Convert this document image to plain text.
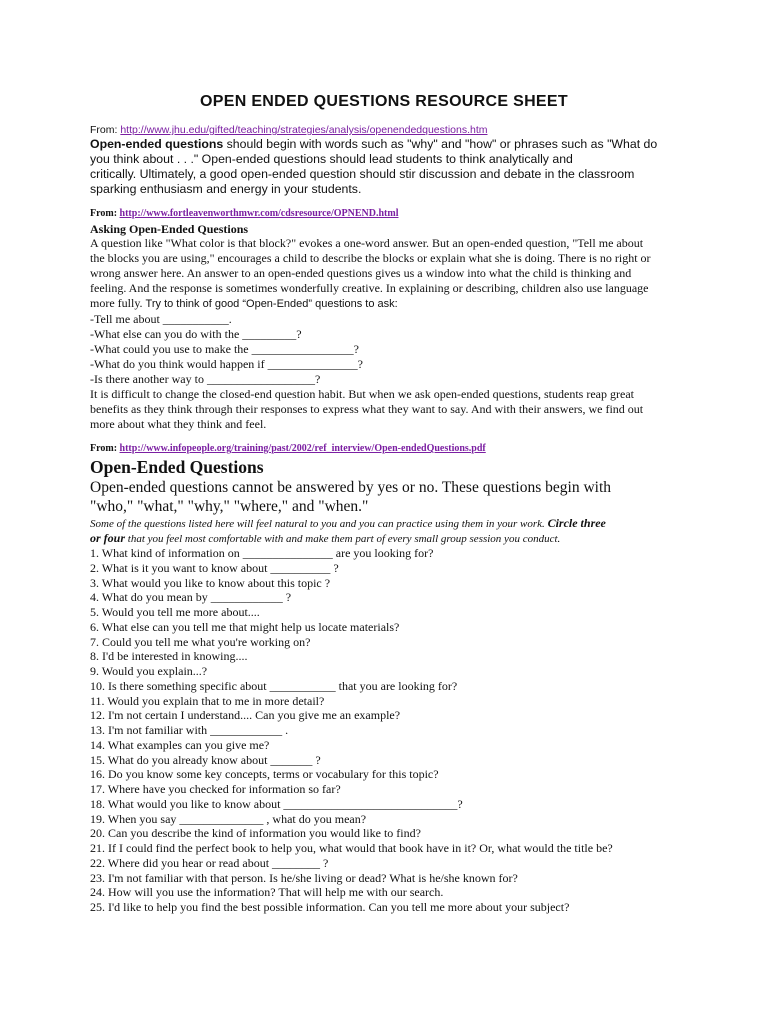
OPEN ENDED QUESTIONS RESOURCE SHEET
From: http://www.jhu.edu/gifted/teaching/strategies/analysis/openendedquestions.htm

Open-ended questions should begin with words such as "why" and "how" or phrases such as "What do
you think about . . ." Open-ended questions should lead students to think analytically and
critically. Ultimately, a good open-ended question should stir discussion and debate in the classroom
sparking enthusiasm and energy in your students.

From: http://www.fortleavenworthmwr.com/cdsresource/OPNEND.html
Asking Open-Ended Questions
A question like "What color is that block?" evokes a one-word answer. But an open-ended question, "Tell me about
the blocks you are using," encourages a child to describe the blocks or explain what she is doing. There is no right or
wrong answer here. An answer to an open-ended questions gives us a window into what the child is thinking and
feeling. And the response is sometimes wonderfully creative. In explaining or describing, children also use language
more fully. Try to think of good “Open-Ended” questions to ask:
-Tell me about ___________.
-What else can you do with the _________?
-What could you use to make the _________________?
-What do you think would happen if _______________?
-Is there another way to __________________?
It is difficult to change the closed-end question habit. But when we ask open-ended questions, students reap great
benefits as they think through their responses to express what they want to say. And with their answers, we find out
more about what they think and feel.
From: http://www.infopeople.org/training/past/2002/ref_interview/Open-endedQuestions.pdf
Open-Ended Questions
Open-ended questions cannot be answered by yes or no. These questions begin with
"who," "what," "why," "where," and "when."
Some of the questions listed here will feel natural to you and you can practice using them in your work. Circle three
or four that you feel most comfortable with and make them part of every small group session you conduct.
1. What kind of information on _______________ are you looking for?
2. What is it you want to know about __________ ?
3. What would you like to know about this topic ?
4. What do you mean by ____________ ?
5. Would you tell me more about....
6. What else can you tell me that might help us locate materials?
7. Could you tell me what you're working on?
8. I'd be interested in knowing....
9. Would you explain...?
10. Is there something specific about ___________ that you are looking for?
11. Would you explain that to me in more detail?
12. I'm not certain I understand.... Can you give me an example?
13. I'm not familiar with ____________ .
14. What examples can you give me?
15. What do you already know about _______ ?
16. Do you know some key concepts, terms or vocabulary for this topic?
17. Where have you checked for information so far?
18. What would you like to know about _____________________________?
19. When you say ______________ , what do you mean?
20. Can you describe the kind of information you would like to find?
21. If I could find the perfect book to help you, what would that book have in it? Or, what would the title be?
22. Where did you hear or read about ________ ?
23. I'm not familiar with that person. Is he/she living or dead? What is he/she known for?
24. How will you use the information? That will help me with our search.
25. I'd like to help you find the best possible information. Can you tell me more about your subject?
